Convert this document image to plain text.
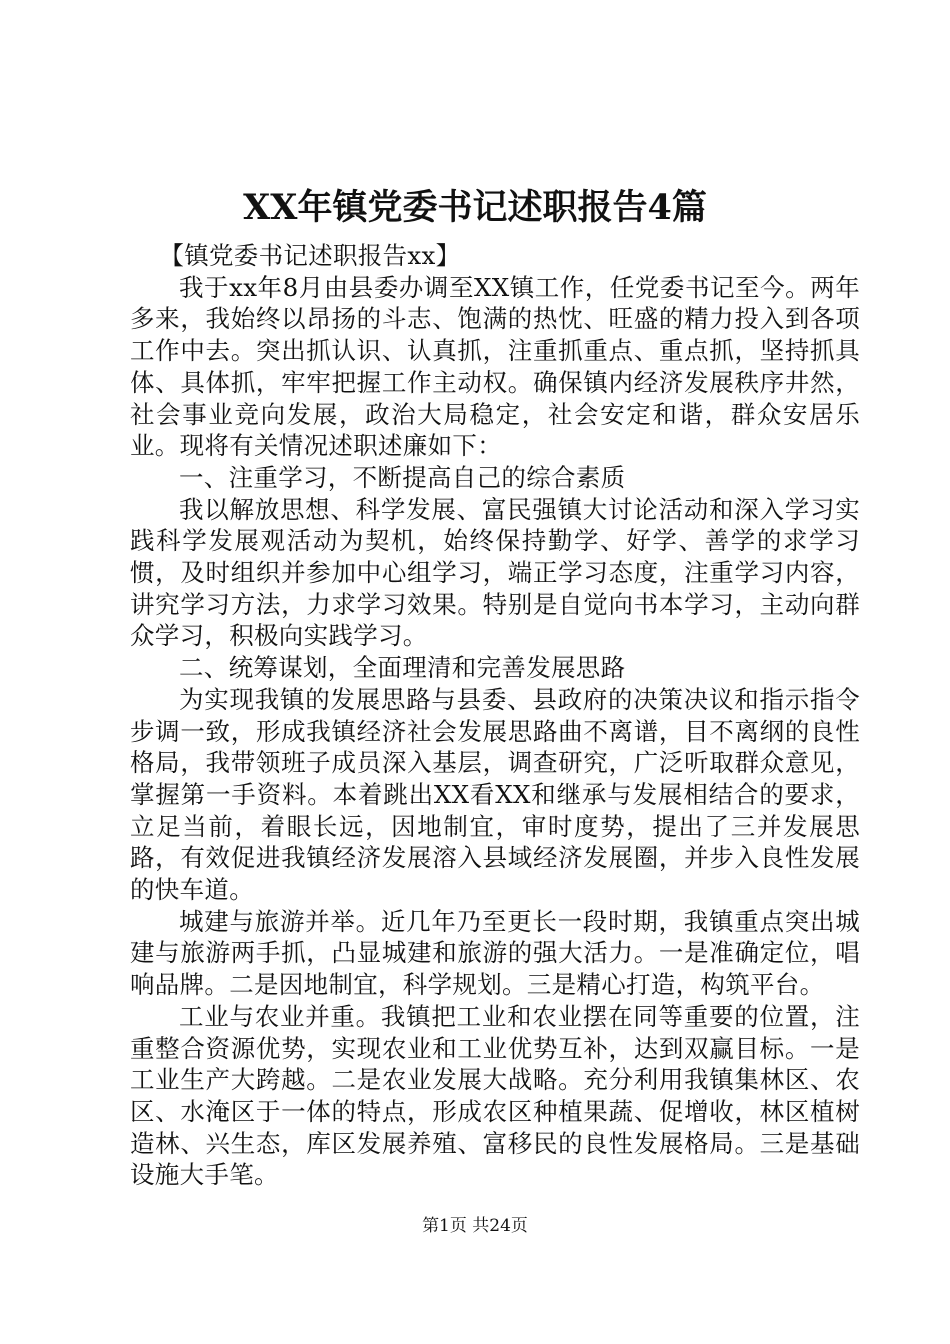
XX年镇党委书记述职报告4篇

【镇党委书记述职报告xx】

我于xx年8月由县委办调至XX镇工作，任党委书记至今。两年多来，我始终以昂扬的斗志、饱满的热忱、旺盛的精力投入到各项工作中去。突出抓认识、认真抓，注重抓重点、重点抓，坚持抓具体、具体抓，牢牢把握工作主动权。确保镇内经济发展秩序井然，社会事业竞向发展，政治大局稳定，社会安定和谐，群众安居乐业。现将有关情况述职述廉如下：

一、注重学习，不断提高自己的综合素质

我以解放思想、科学发展、富民强镇大讨论活动和深入学习实践科学发展观活动为契机，始终保持勤学、好学、善学的求学习惯，及时组织并参加中心组学习，端正学习态度，注重学习内容，讲究学习方法，力求学习效果。特别是自觉向书本学习，主动向群众学习，积极向实践学习。

二、统筹谋划，全面理清和完善发展思路

为实现我镇的发展思路与县委、县政府的决策决议和指示指令步调一致，形成我镇经济社会发展思路曲不离谱，目不离纲的良性格局，我带领班子成员深入基层，调查研究，广泛听取群众意见，掌握第一手资料。本着跳出XX看XX和继承与发展相结合的要求，立足当前，着眼长远，因地制宜，审时度势，提出了三并发展思路，有效促进我镇经济发展溶入县域经济发展圈，并步入良性发展的快车道。

城建与旅游并举。近几年乃至更长一段时期，我镇重点突出城建与旅游两手抓，凸显城建和旅游的强大活力。一是准确定位，唱响品牌。二是因地制宜，科学规划。三是精心打造，构筑平台。

工业与农业并重。我镇把工业和农业摆在同等重要的位置，注重整合资源优势，实现农业和工业优势互补，达到双赢目标。一是工业生产大跨越。二是农业发展大战略。充分利用我镇集林区、农区、水淹区于一体的特点，形成农区种植果蔬、促增收，林区植树造林、兴生态，库区发展养殖、富移民的良性发展格局。三是基础设施大手笔。

第1页 共24页
